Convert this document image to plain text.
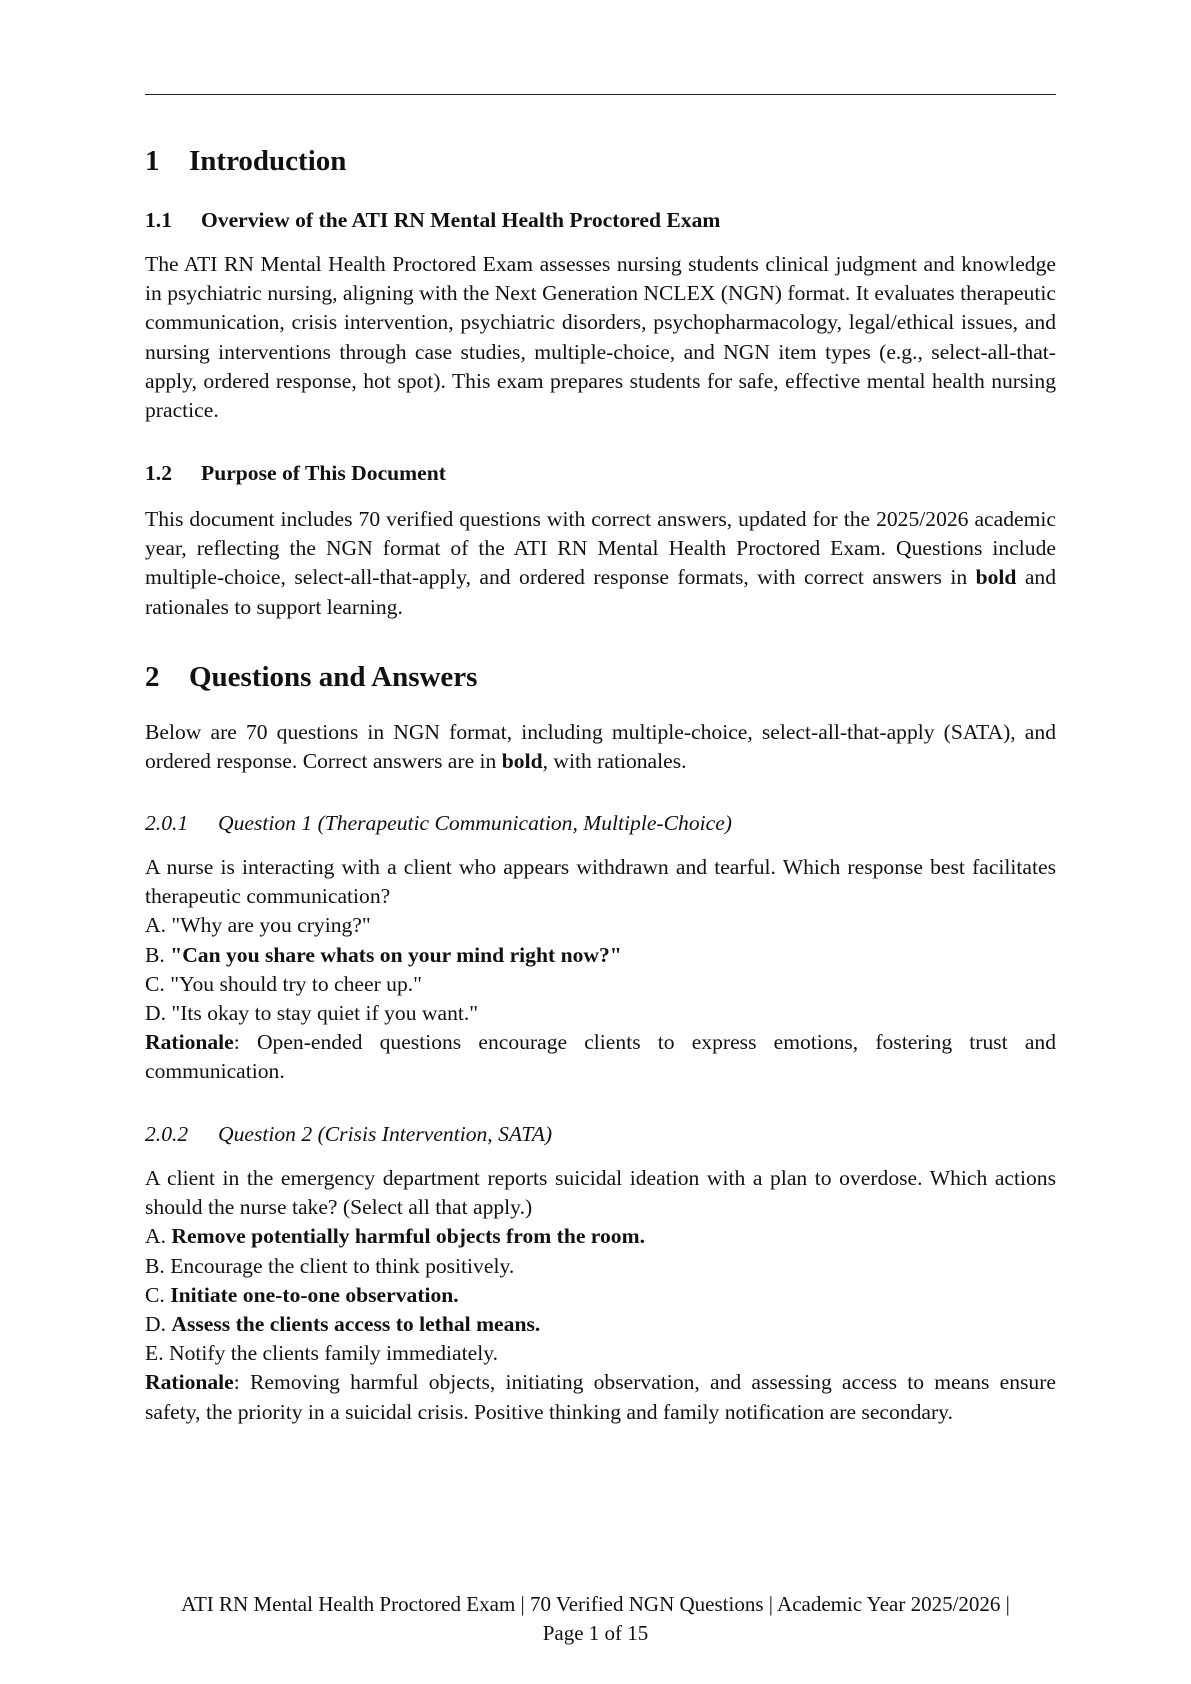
1 Introduction
1.1 Overview of the ATI RN Mental Health Proctored Exam
The ATI RN Mental Health Proctored Exam assesses nursing students clinical judgment and knowledge in psychiatric nursing, aligning with the Next Generation NCLEX (NGN) format. It evaluates therapeutic communication, crisis intervention, psychiatric disorders, psychopharmacology, legal/ethical issues, and nursing interventions through case studies, multiple-choice, and NGN item types (e.g., select-all-that-apply, ordered response, hot spot). This exam prepares students for safe, effective mental health nursing practice.
1.2 Purpose of This Document
This document includes 70 verified questions with correct answers, updated for the 2025/2026 academic year, reflecting the NGN format of the ATI RN Mental Health Proctored Exam. Questions include multiple-choice, select-all-that-apply, and ordered response formats, with correct answers in bold and rationales to support learning.
2 Questions and Answers
Below are 70 questions in NGN format, including multiple-choice, select-all-that-apply (SATA), and ordered response. Correct answers are in bold, with rationales.
2.0.1 Question 1 (Therapeutic Communication, Multiple-Choice)
A nurse is interacting with a client who appears withdrawn and tearful. Which response best facilitates therapeutic communication?
A. "Why are you crying?"
B. "Can you share whats on your mind right now?"
C. "You should try to cheer up."
D. "Its okay to stay quiet if you want."
Rationale: Open-ended questions encourage clients to express emotions, fostering trust and communication.
2.0.2 Question 2 (Crisis Intervention, SATA)
A client in the emergency department reports suicidal ideation with a plan to overdose. Which actions should the nurse take? (Select all that apply.)
A. Remove potentially harmful objects from the room.
B. Encourage the client to think positively.
C. Initiate one-to-one observation.
D. Assess the clients access to lethal means.
E. Notify the clients family immediately.
Rationale: Removing harmful objects, initiating observation, and assessing access to means ensure safety, the priority in a suicidal crisis. Positive thinking and family notification are secondary.
ATI RN Mental Health Proctored Exam | 70 Verified NGN Questions | Academic Year 2025/2026 |
Page 1 of 15
